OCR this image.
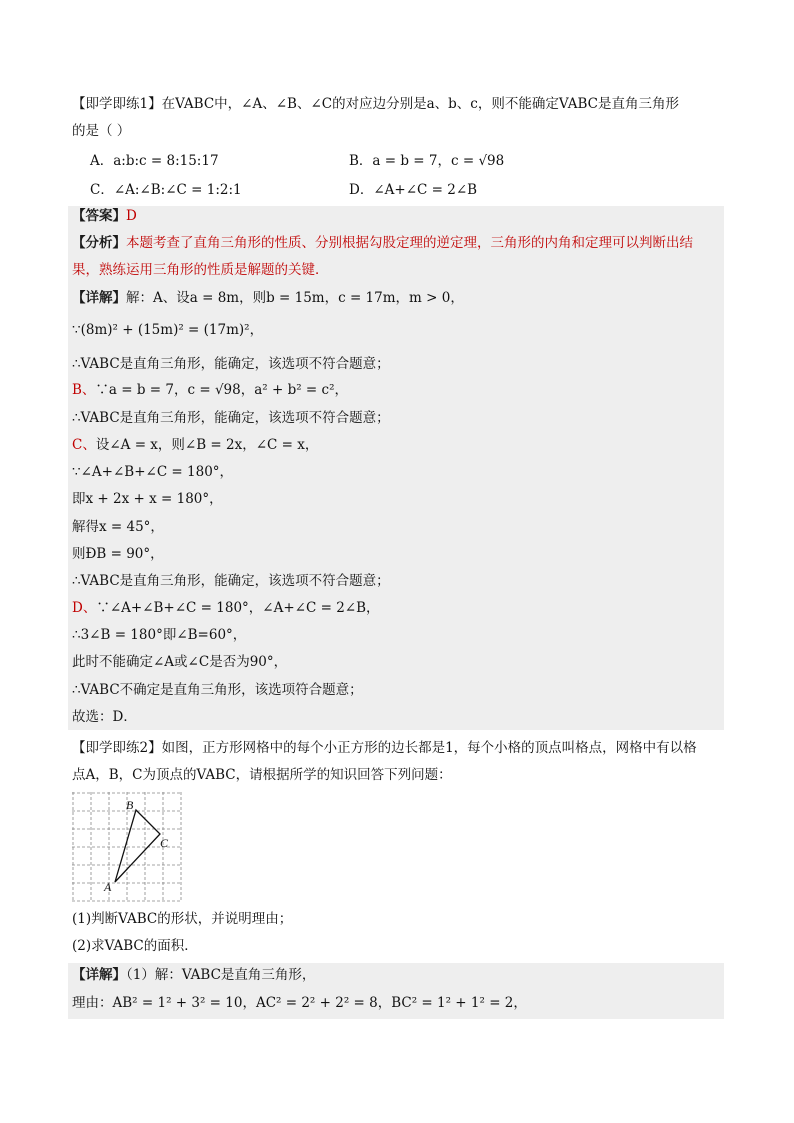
【即学即练1】在VABC中，∠A、∠B、∠C的对应边分别是a、b、c，则不能确定VABC是直角三角形
的是（ ）
A．a:b:c = 8:15:17	B．a = b = 7，c = √98
C．∠A:∠B:∠C = 1:2:1	D．∠A+∠C = 2∠B
【答案】D
【分析】本题考查了直角三角形的性质、分别根据勾股定理的逆定理，三角形的内角和定理可以判断出结
果，熟练运用三角形的性质是解题的关键．
【详解】解：A、设a = 8m，则b = 15m，c = 17m，m > 0，
∵(8m)² + (15m)² = (17m)²，
∴VABC是直角三角形，能确定，该选项不符合题意；
B、∵a = b = 7，c = √98，a² + b² = c²，
∴VABC是直角三角形，能确定，该选项不符合题意；
C、设∠A = x，则∠B = 2x，∠C = x，
∵∠A+∠B+∠C = 180°，
即x + 2x + x = 180°，
解得x = 45°，
则ÐB = 90°，
∴VABC是直角三角形，能确定，该选项不符合题意；
D、∵∠A+∠B+∠C = 180°，∠A+∠C = 2∠B，
∴3∠B = 180°即∠B=60°，
此时不能确定∠A或∠C是否为90°，
∴VABC不确定是直角三角形，该选项符合题意；
故选：D．
【即学即练2】如图，正方形网格中的每个小正方形的边长都是1，每个小格的顶点叫格点，网格中有以格
点A，B，C为顶点的VABC，请根据所学的知识回答下列问题：
B
C
A
(1)判断VABC的形状，并说明理由；
(2)求VABC的面积．
【详解】（1）解：VABC是直角三角形，
理由：AB² = 1² + 3² = 10，AC² = 2² + 2² = 8，BC² = 1² + 1² = 2，
